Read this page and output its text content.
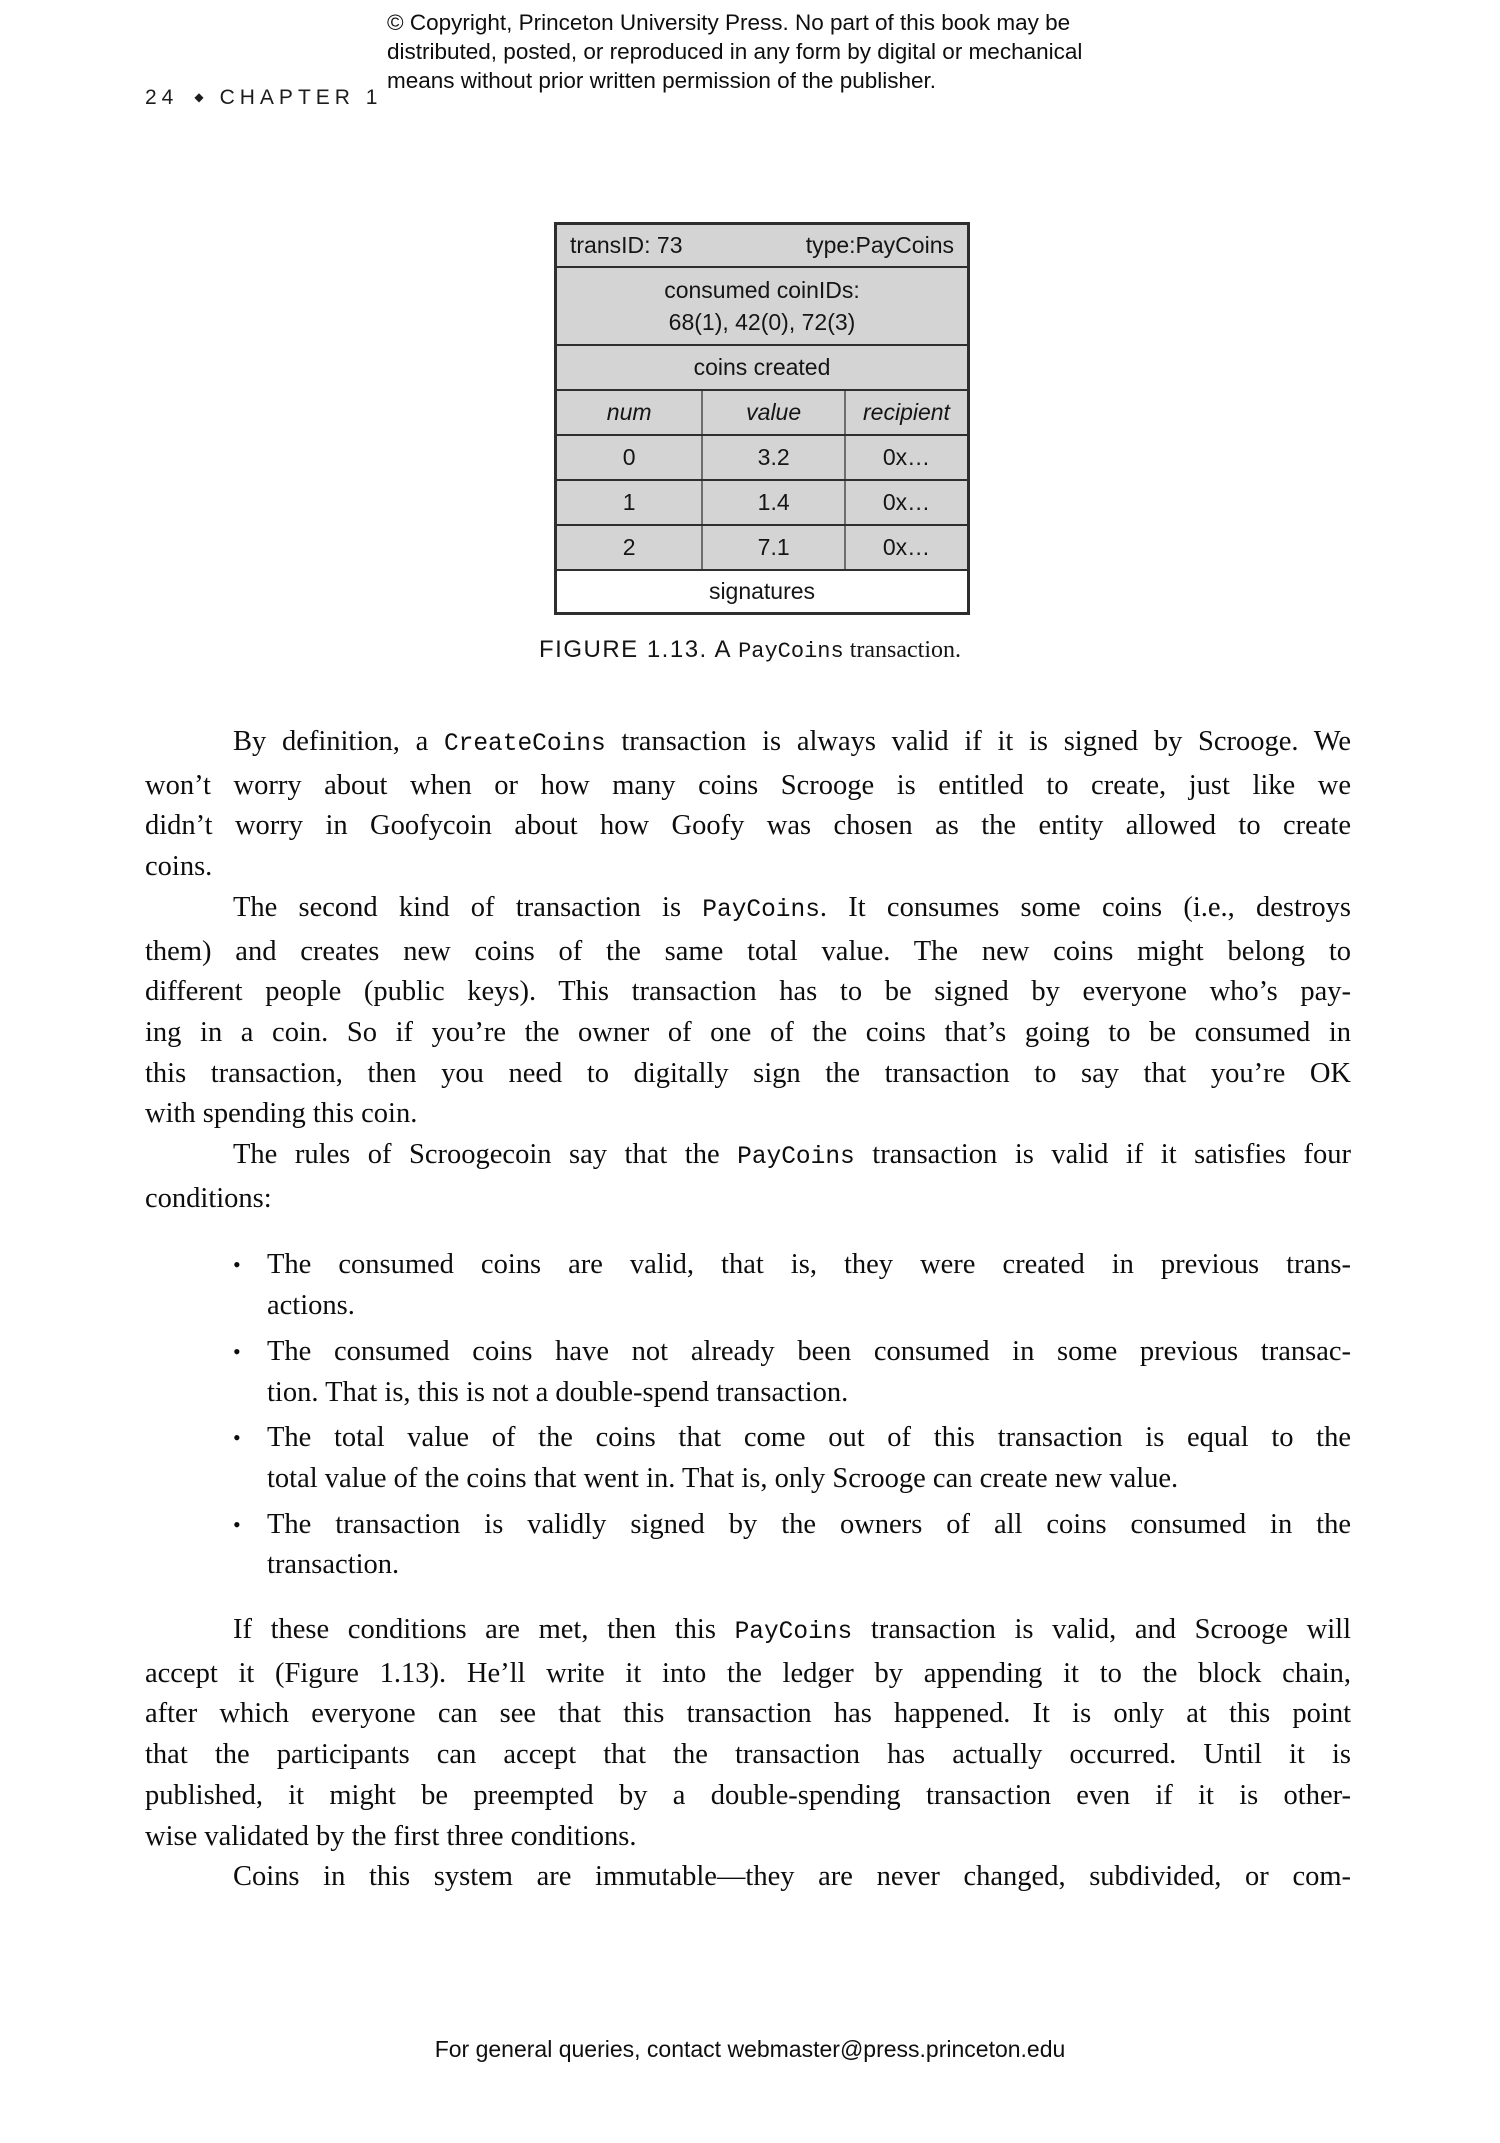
© Copyright, Princeton University Press. No part of this book may be
distributed, posted, or reproduced in any form by digital or mechanical
means without prior written permission of the publisher.
24 ◆ CHAPTER 1
transID: 73	type:PayCoins
consumed coinIDs:
68(1), 42(0), 72(3)
coins created
num	value	recipient
0	3.2	0x…
1	1.4	0x…
2	7.1	0x…
signatures
FIGURE 1.13. A PayCoins transaction.
By definition, a CreateCoins transaction is always valid if it is signed by Scrooge. We
won’t worry about when or how many coins Scrooge is entitled to create, just like we
didn’t worry in Goofycoin about how Goofy was chosen as the entity allowed to create
coins.
The second kind of transaction is PayCoins. It consumes some coins (i.e., destroys
them) and creates new coins of the same total value. The new coins might belong to
different people (public keys). This transaction has to be signed by everyone who’s pay-
ing in a coin. So if you’re the owner of one of the coins that’s going to be consumed in
this transaction, then you need to digitally sign the transaction to say that you’re OK
with spending this coin.
The rules of Scroogecoin say that the PayCoins transaction is valid if it satisfies four
conditions:
• The consumed coins are valid, that is, they were created in previous trans-
actions.
• The consumed coins have not already been consumed in some previous transac-
tion. That is, this is not a double-spend transaction.
• The total value of the coins that come out of this transaction is equal to the
total value of the coins that went in. That is, only Scrooge can create new value.
• The transaction is validly signed by the owners of all coins consumed in the
transaction.
If these conditions are met, then this PayCoins transaction is valid, and Scrooge will
accept it (Figure 1.13). He’ll write it into the ledger by appending it to the block chain,
after which everyone can see that this transaction has happened. It is only at this point
that the participants can accept that the transaction has actually occurred. Until it is
published, it might be preempted by a double-spending transaction even if it is other-
wise validated by the first three conditions.
Coins in this system are immutable—they are never changed, subdivided, or com-
For general queries, contact webmaster@press.princeton.edu
